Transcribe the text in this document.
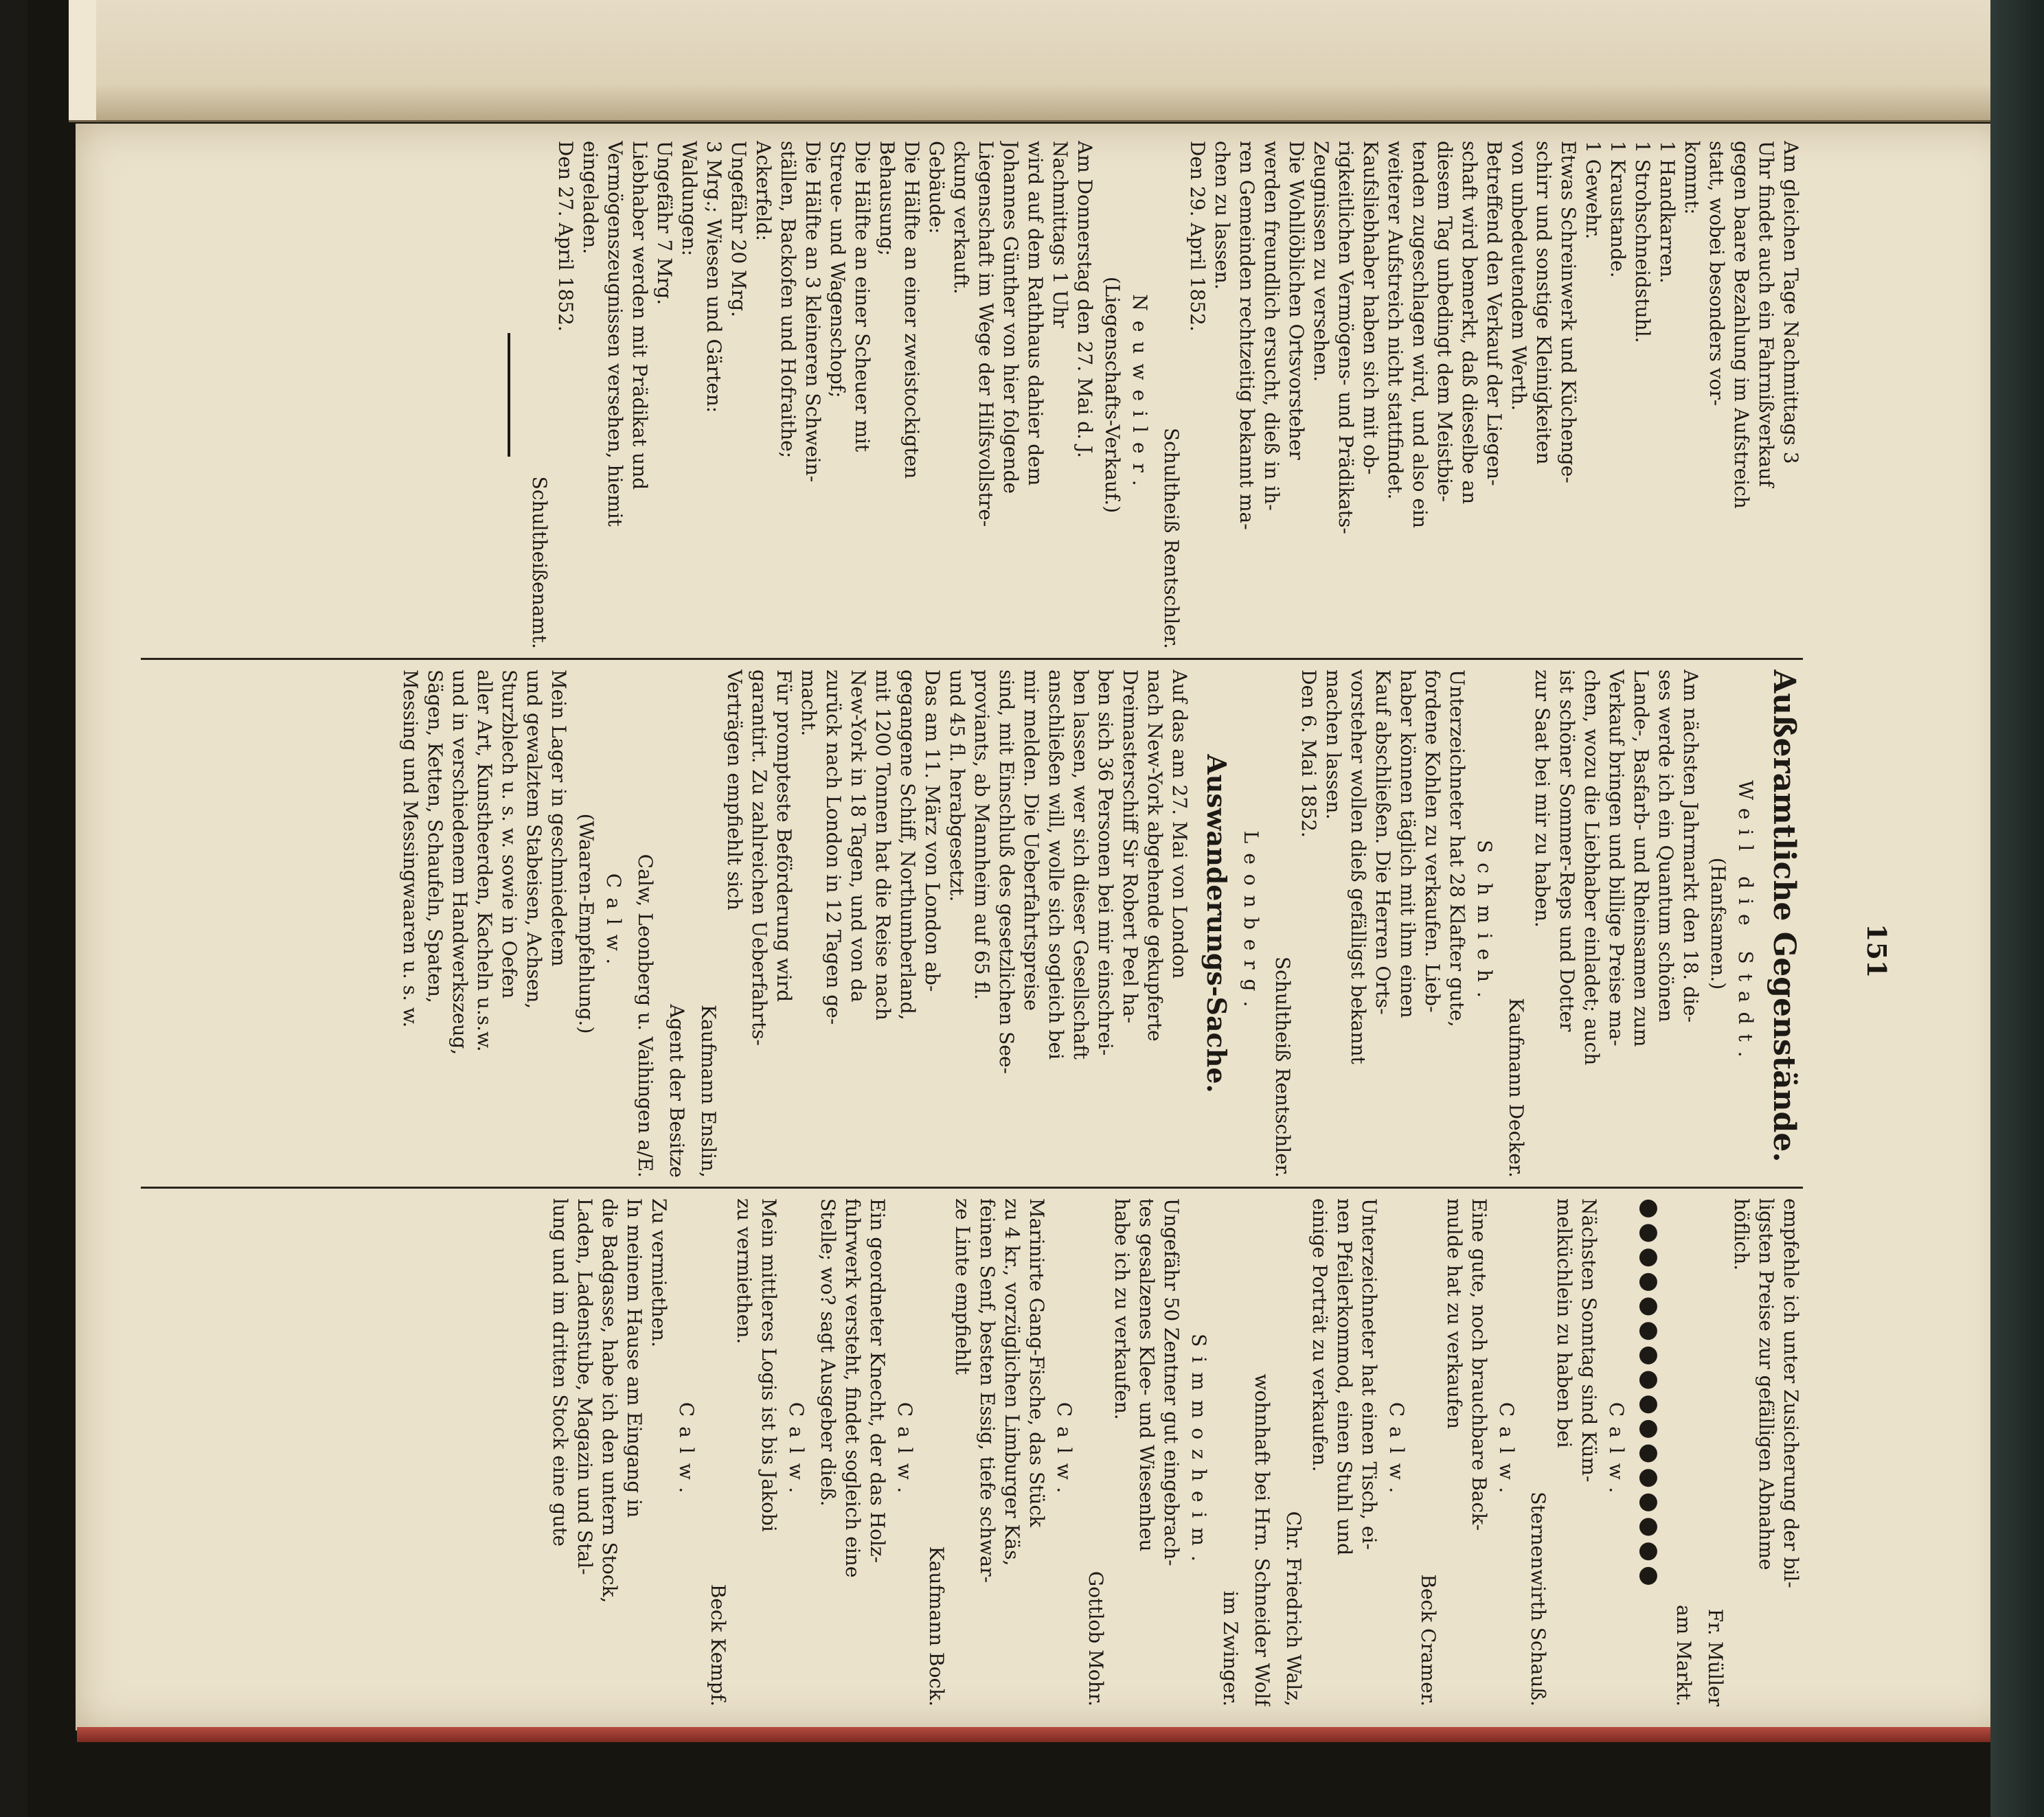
151
Am gleichen Tage Nachmittags 3
Uhr findet auch ein Fahrnißverkauf
gegen baare Bezahlung im Aufstreich
statt, wobei besonders vor-
kommt:
1 Handkarren.
1 Strohschneidstuhl.
1 Kraustande.
1 Gewehr.
Etwas Schreinwerk und Küchenge-
schirr und sonstige Kleinigkeiten
von unbedeutendem Werth.
Betreffend den Verkauf der Liegen-
schaft wird bemerkt, daß dieselbe an
diesem Tag unbedingt dem Meistbie-
tenden zugeschlagen wird, und also ein
weiterer Aufstreich nicht stattfindet.
Kaufsliebhaber haben sich mit ob-
rigkeitlichen Vermögens- und Prädikats-
Zeugnissen zu versehen.
Die Wohllöblichen Ortsvorsteher
werden freundlich ersucht, dieß in ih-
ren Gemeinden rechtzeitig bekannt ma-
chen zu lassen.
Den 29. April 1852.
Schultheiß Rentschler.
Neuweiler.
(Liegenschafts-Verkauf.)
Am Donnerstag den 27. Mai d. J.
Nachmittags 1 Uhr
wird auf dem Rathhaus dahier dem
Johannes Günther von hier folgende
Liegenschaft im Wege der Hilfsvollstre-
ckung verkauft.
Gebäude:
Die Hälfte an einer zweistockigten
Behausung;
Die Hälfte an einer Scheuer mit
Streue- und Wagenschopf;
Die Hälfte an 3 kleineren Schwein-
ställen, Backofen und Hofraithe;
Ackerfeld:
Ungefähr 20 Mrg.
3 Mrg.; Wiesen und Gärten:
Waldungen:
Ungefähr 7 Mrg.
Liebhaber werden mit Prädikat und
Vermögenszeugnissen versehen, hiemit
eingeladen.
Den 27. April 1852.
Schultheißenamt.
Außeramtliche Gegenstände.
Weil die Stadt.
(Hanfsamen.)
Am nächsten Jahrmarkt den 18. die-
ses werde ich ein Quantum schönen
Lande-, Basfarb- und Rheinsamen zum
Verkauf bringen und billige Preise ma-
chen, wozu die Liebhaber einladet; auch
ist schöner Sommer-Reps und Dotter
zur Saat bei mir zu haben.
Kaufmann Decker.
Schmieh.
Unterzeichneter hat 28 Klafter gute,
fordene Kohlen zu verkaufen. Lieb-
haber können täglich mit ihm einen
Kauf abschließen. Die Herren Orts-
vorsteher wollen dieß gefälligst bekannt
machen lassen.
Den 6. Mai 1852.
Schultheiß Rentschler.
Leonberg.
Auswanderungs-Sache.
Auf das am 27. Mai von London
nach New-York abgehende gekupferte
Dreimasterschiff Sir Robert Peel ha-
ben sich 36 Personen bei mir einschrei-
ben lassen, wer sich dieser Gesellschaft
anschließen will, wolle sich sogleich bei
mir melden. Die Ueberfahrtspreise
sind, mit Einschluß des gesetzlichen See-
proviants, ab Mannheim auf 65 fl.
und 45 fl. herabgesetzt.
Das am 11. März von London ab-
gegangene Schiff, Northumberland,
mit 1200 Tonnen hat die Reise nach
New-York in 18 Tagen, und von da
zurück nach London in 12 Tagen ge-
macht.
Für prompteste Beförderung wird
garantirt. Zu zahlreichen Ueberfahrts-
Verträgen empfiehlt sich
Kaufmann Enslin,
Agent der Besitze
Calw, Leonberg u. Vaihingen a/E.
Calw.
(Waaren-Empfehlung.)
Mein Lager in geschmiedetem
und gewalztem Stabeisen, Achsen,
Sturzblech u. s. w. sowie in Oefen
aller Art, Kunstheerden, Kacheln u.s.w.
und in verschiedenem Handwerkszeug,
Sägen, Ketten, Schaufeln, Spaten,
Messing und Messingwaaren u. s. w.
empfehle ich unter Zusicherung der bil-
ligsten Preise zur gefälligen Abnahme
höflich.
Fr. Müller
am Markt.
●●●●●●●●●●●●●●●●
Calw.
Nächsten Sonntag sind Küm-
melküchlein zu haben bei
Sternenwirth Schauß.
Calw.
Eine gute, noch brauchbare Back-
mulde hat zu verkaufen
Beck Cramer.
Calw.
Unterzeichneter hat einen Tisch, ei-
nen Pfeilerkommod, einen Stuhl und
einige Porträt zu verkaufen.
Chr. Friedrich Walz,
wohnhaft bei Hrn. Schneider Wolf
im Zwinger.
Simmozheim.
Ungefähr 50 Zentner gut eingebrach-
tes gesalzenes Klee- und Wiesenheu
habe ich zu verkaufen.
Gottlob Mohr.
Calw.
Marinirte Gang-Fische, das Stück
zu 4 kr., vorzüglichen Limburger Käs,
feinen Senf, besten Essig, tiefe schwar-
ze Linte empfiehlt
Kaufmann Bock.
Calw.
Ein geordneter Knecht, der das Holz-
fuhrwerk versteht, findet sogleich eine
Stelle; wo? sagt Ausgeber dieß.
Calw.
Mein mittleres Logis ist bis Jakobi
zu vermiethen.
Beck Kempf.
Calw.
Zu vermiethen.
In meinem Hause am Eingang in
die Badgasse, habe ich den untern Stock,
Laden, Ladenstube, Magazin und Stal-
lung und im dritten Stock eine gute
